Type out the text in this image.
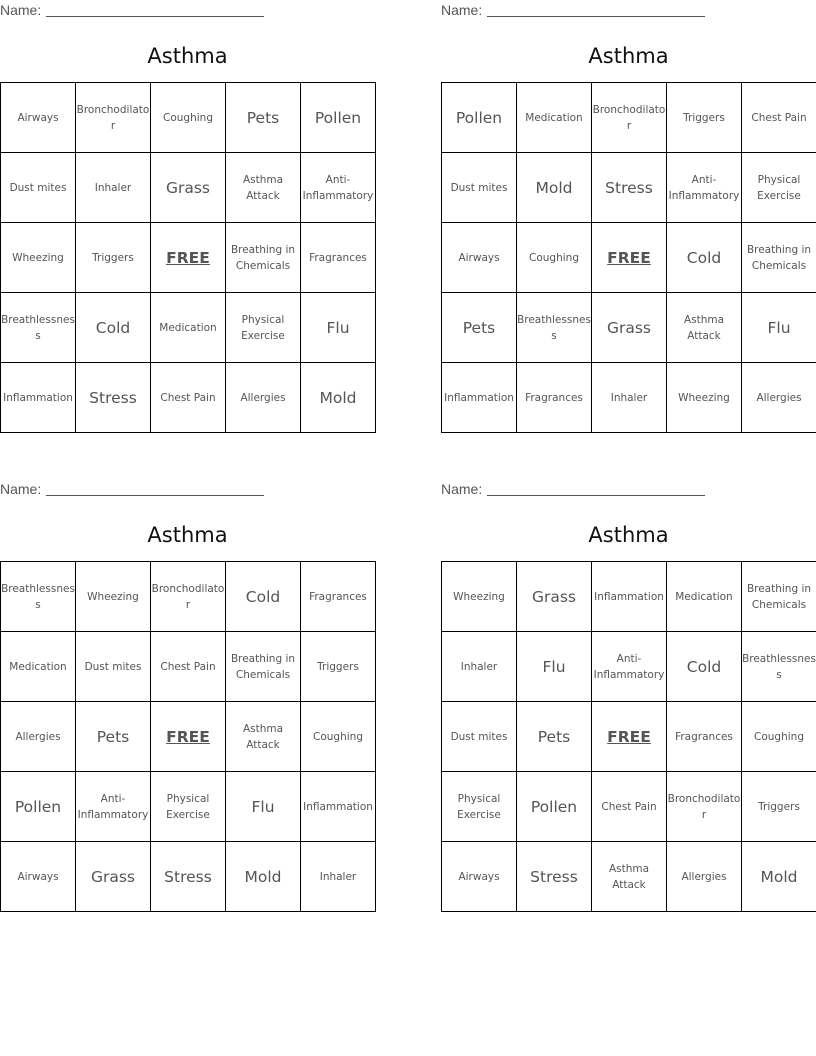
Name:
Asthma
Airways	Bronchodilator	Coughing	Pets	Pollen
Dust mites	Inhaler	Grass	Asthma Attack	Anti-Inflammatory
Wheezing	Triggers	FREE	Breathing in Chemicals	Fragrances
Breathlessness	Cold	Medication	Physical Exercise	Flu
Inflammation	Stress	Chest Pain	Allergies	Mold
Name:
Asthma
Pollen	Medication	Bronchodilator	Triggers	Chest Pain
Dust mites	Mold	Stress	Anti-Inflammatory	Physical Exercise
Airways	Coughing	FREE	Cold	Breathing in Chemicals
Pets	Breathlessness	Grass	Asthma Attack	Flu
Inflammation	Fragrances	Inhaler	Wheezing	Allergies
Name:
Asthma
Breathlessness	Wheezing	Bronchodilator	Cold	Fragrances
Medication	Dust mites	Chest Pain	Breathing in Chemicals	Triggers
Allergies	Pets	FREE	Asthma Attack	Coughing
Pollen	Anti-Inflammatory	Physical Exercise	Flu	Inflammation
Airways	Grass	Stress	Mold	Inhaler
Name:
Asthma
Wheezing	Grass	Inflammation	Medication	Breathing in Chemicals
Inhaler	Flu	Anti-Inflammatory	Cold	Breathlessness
Dust mites	Pets	FREE	Fragrances	Coughing
Physical Exercise	Pollen	Chest Pain	Bronchodilator	Triggers
Airways	Stress	Asthma Attack	Allergies	Mold
